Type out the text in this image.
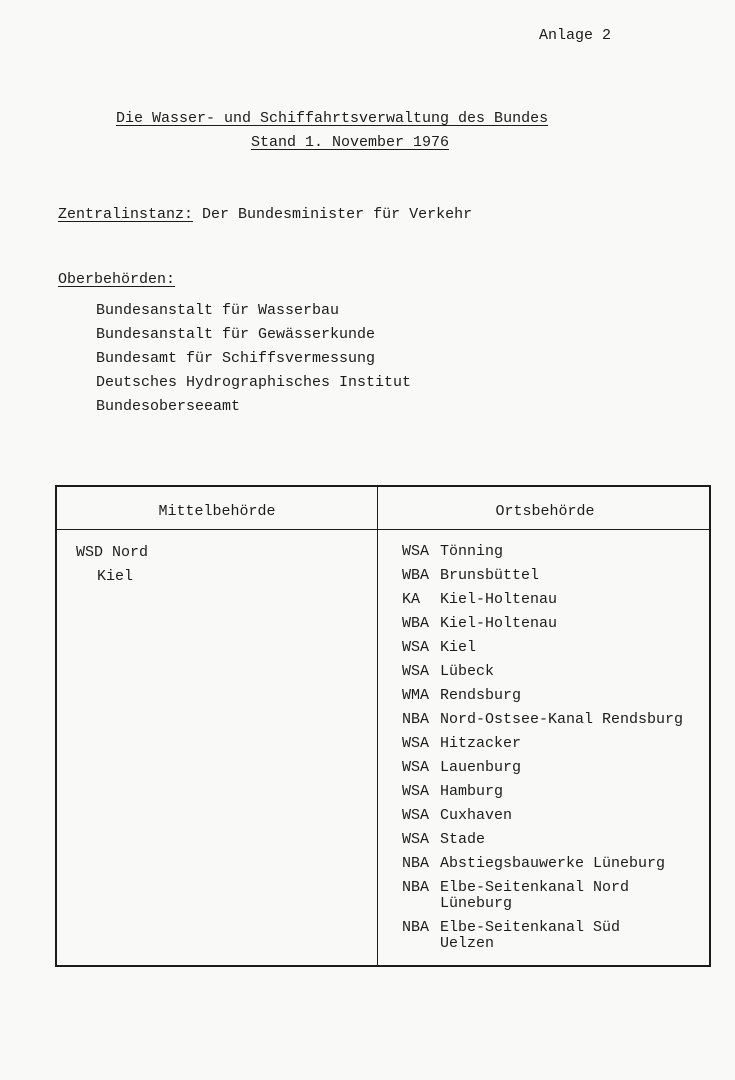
Anlage 2
Die Wasser- und Schiffahrtsverwaltung des Bundes
Stand 1. November 1976
Zentralinstanz: Der Bundesminister für Verkehr
Oberbehörden:
Bundesanstalt für Wasserbau
Bundesanstalt für Gewässerkunde
Bundesamt für Schiffsvermessung
Deutsches Hydrographisches Institut
Bundesoberseeamt
Mittelbehörde	Ortsbehörde
WSD Nord
Kiel
WSA Tönning
WBA Brunsbüttel
KA Kiel-Holtenau
WBA Kiel-Holtenau
WSA Kiel
WSA Lübeck
WMA Rendsburg
NBA Nord-Ostsee-Kanal Rendsburg
WSA Hitzacker
WSA Lauenburg
WSA Hamburg
WSA Cuxhaven
WSA Stade
NBA Abstiegsbauwerke Lüneburg
NBA Elbe-Seitenkanal Nord
Lüneburg
NBA Elbe-Seitenkanal Süd
Uelzen
